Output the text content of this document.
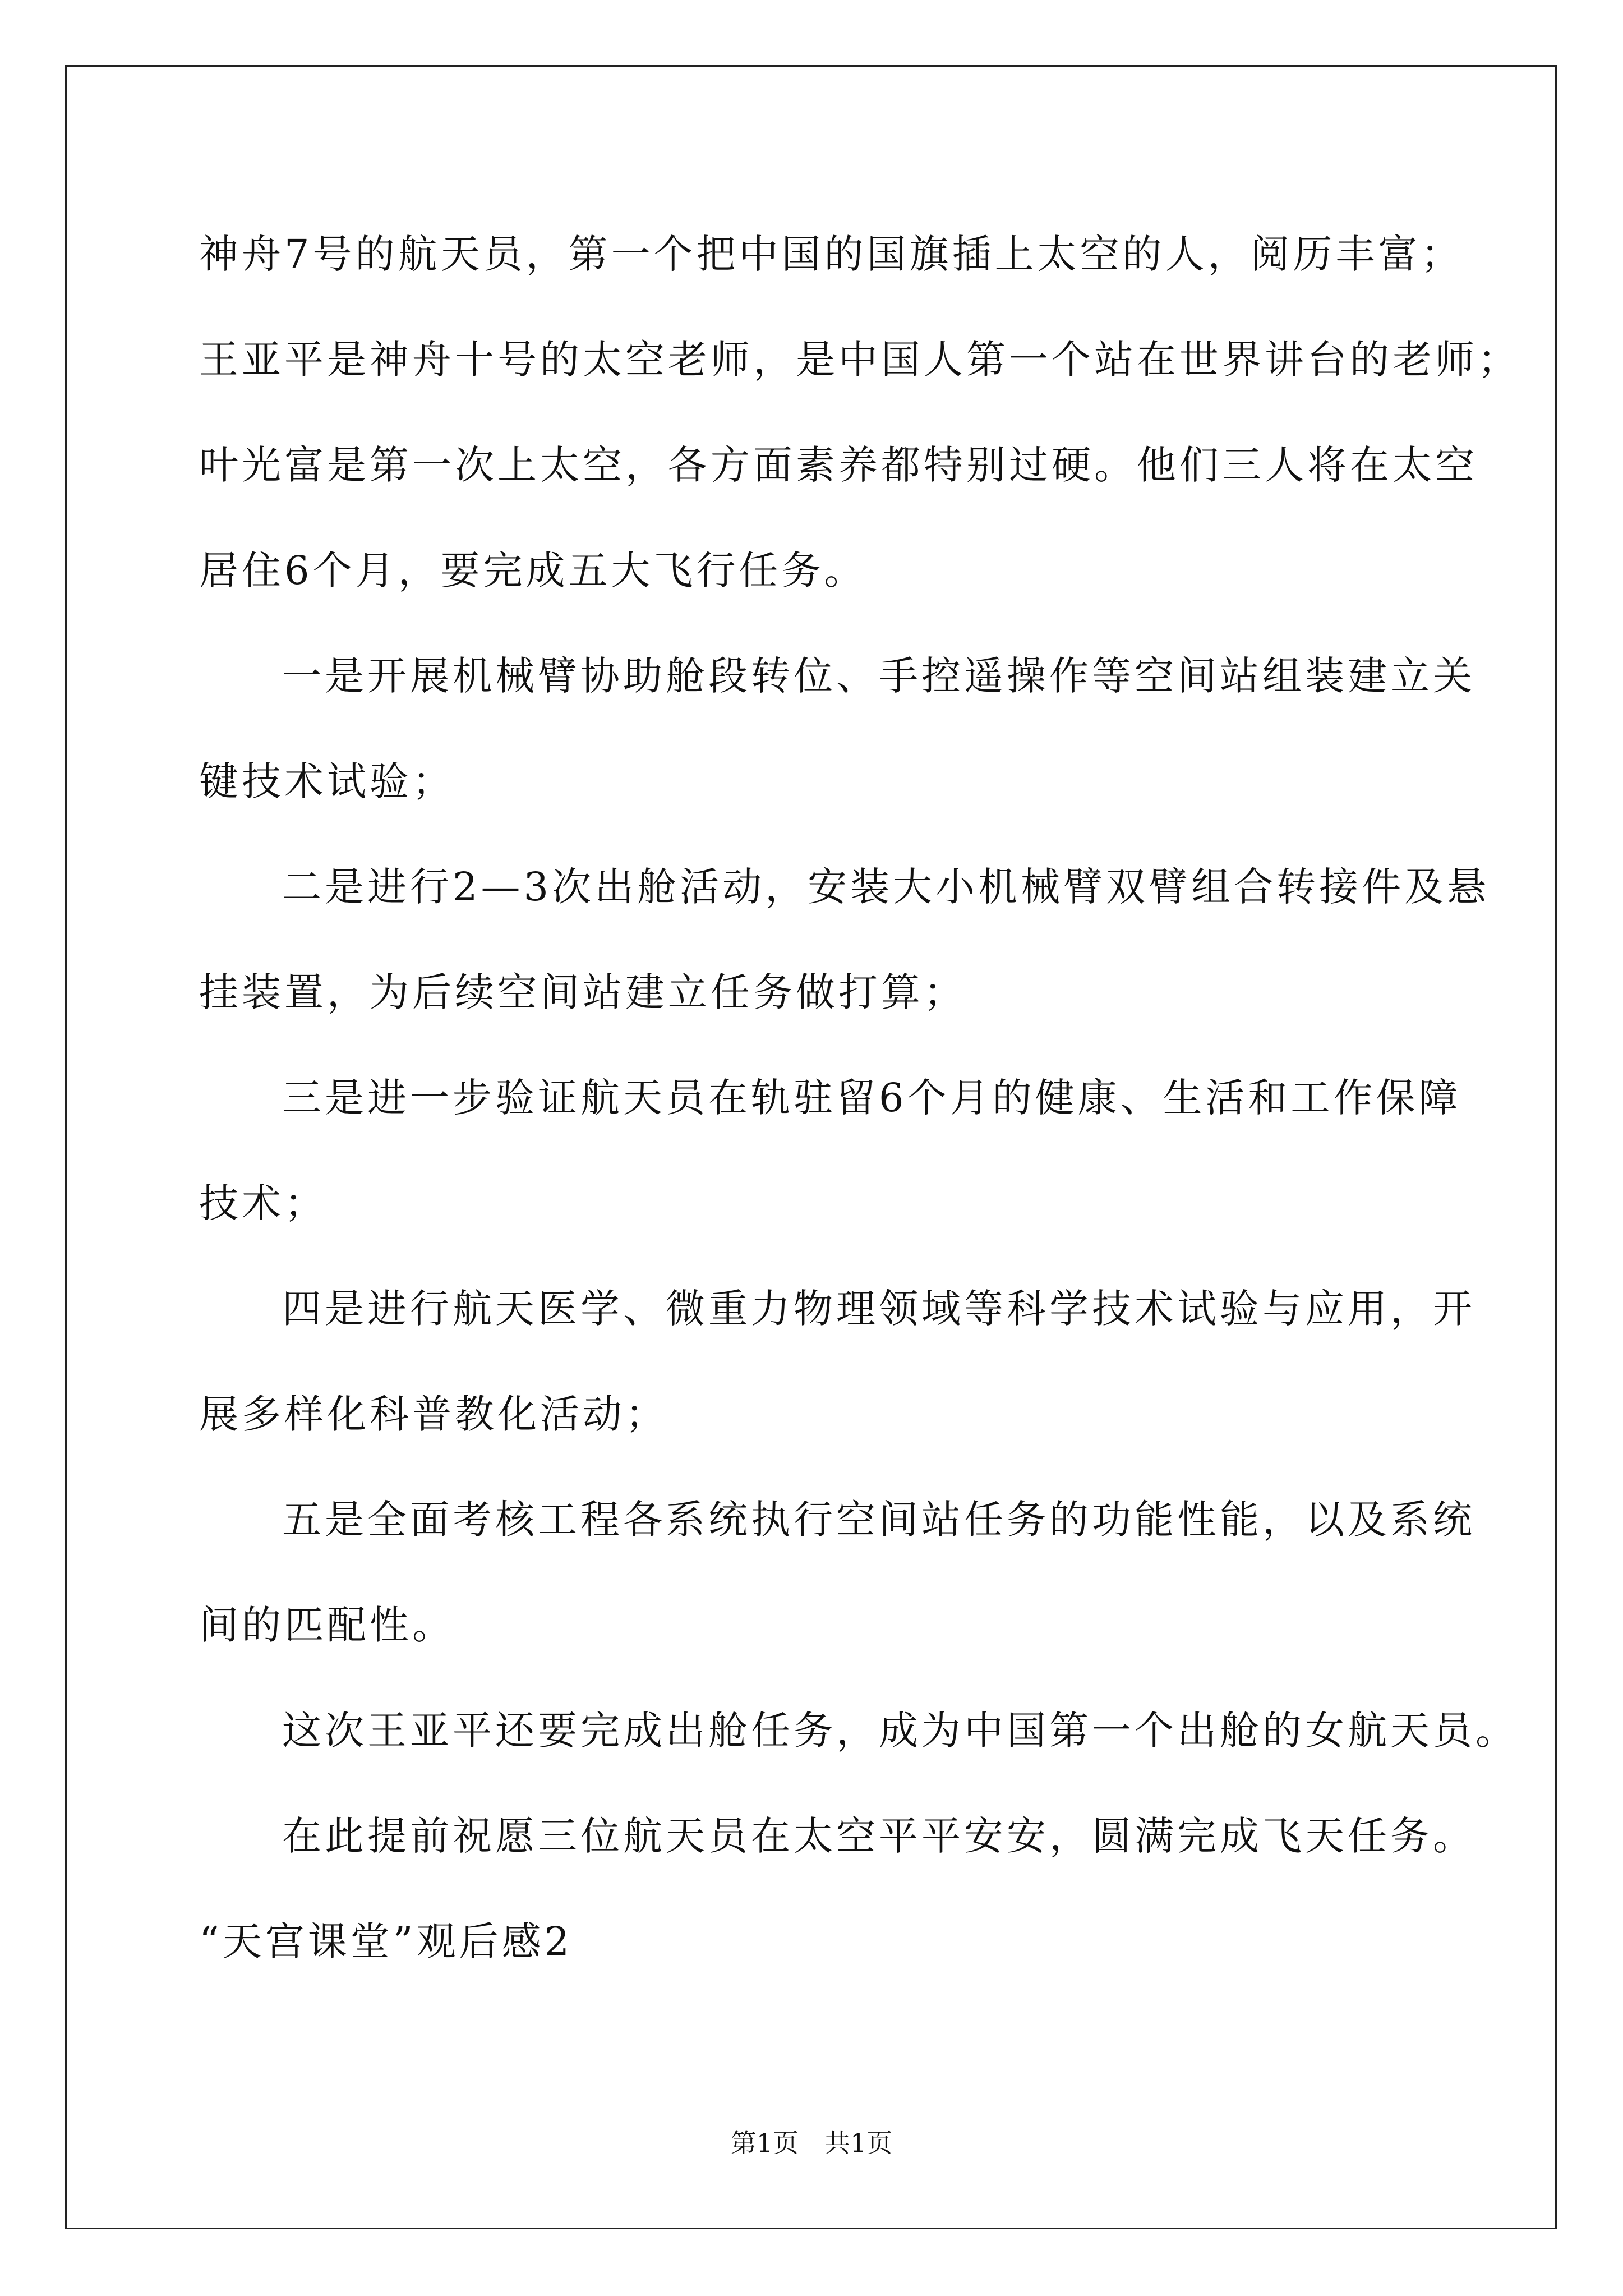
神舟7号的航天员，第一个把中国的国旗插上太空的人，阅历丰富；
王亚平是神舟十号的太空老师，是中国人第一个站在世界讲台的老师；
叶光富是第一次上太空，各方面素养都特别过硬。他们三人将在太空
居住6个月，要完成五大飞行任务。
一是开展机械臂协助舱段转位、手控遥操作等空间站组装建立关
键技术试验；
二是进行2—3次出舱活动，安装大小机械臂双臂组合转接件及悬
挂装置，为后续空间站建立任务做打算；
三是进一步验证航天员在轨驻留6个月的健康、生活和工作保障
技术；
四是进行航天医学、微重力物理领域等科学技术试验与应用，开
展多样化科普教化活动；
五是全面考核工程各系统执行空间站任务的功能性能，以及系统
间的匹配性。
这次王亚平还要完成出舱任务，成为中国第一个出舱的女航天员。
在此提前祝愿三位航天员在太空平平安安，圆满完成飞天任务。
“天宫课堂”观后感2
第1页　共1页
